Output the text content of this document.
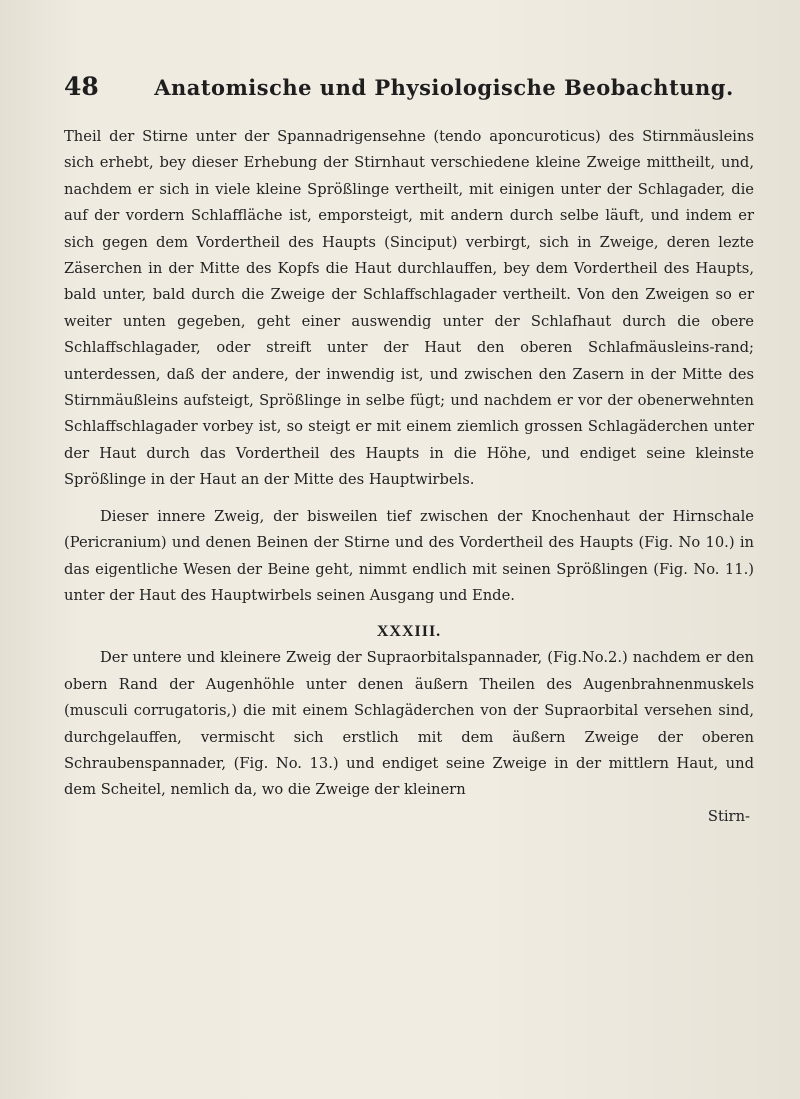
48	Anatomische und Physiologische Beobachtung.

Theil der Stirne unter der Spannadrigensehne (tendo aponcuroticus) des Stirnmäusleins sich erhebt, bey dieser Erhebung der Stirnhaut verschiedene kleine Zweige mittheilt, und, nachdem er sich in viele kleine Sprößlinge vertheilt, mit einigen unter der Schlagader, die auf der vordern Schlaffläche ist, emporsteigt, mit andern durch selbe läuft, und indem er sich gegen dem Vordertheil des Haupts (Sinciput) verbirgt, sich in Zweige, deren lezte Zäserchen in der Mitte des Kopfs die Haut durchlauffen, bey dem Vordertheil des Haupts, bald unter, bald durch die Zweige der Schlaffschlagader vertheilt. Von den Zweigen so er weiter unten gegeben, geht einer auswendig unter der Schlafhaut durch die obere Schlaffschlagader, oder streift unter der Haut den oberen Schlafmäusleins-rand; unterdessen, daß der andere, der inwendig ist, und zwischen den Zasern in der Mitte des Stirnmäußleins aufsteigt, Sprößlinge in selbe fügt; und nachdem er vor der obenerwehnten Schlaffschlagader vorbey ist, so steigt er mit einem ziemlich grossen Schlagäderchen unter der Haut durch das Vordertheil des Haupts in die Höhe, und endiget seine kleinste Sprößlinge in der Haut an der Mitte des Hauptwirbels.

Dieser innere Zweig, der bisweilen tief zwischen der Knochenhaut der Hirnschale (Pericranium) und denen Beinen der Stirne und des Vordertheil des Haupts (Fig. No 10.) in das eigentliche Wesen der Beine geht, nimmt endlich mit seinen Sprößlingen (Fig. No. 11.) unter der Haut des Hauptwirbels seinen Ausgang und Ende.

XXXIII.

Der untere und kleinere Zweig der Supraorbitalspannader, (Fig.No.2.) nachdem er den obern Rand der Augenhöhle unter denen äußern Theilen des Augenbrahnenmuskels (musculi corrugatoris,) die mit einem Schlagäderchen von der Supraorbital versehen sind, durchgelauffen, vermischt sich erstlich mit dem äußern Zweige der oberen Schraubenspannader, (Fig. No. 13.) und endiget seine Zweige in der mittlern Haut, und dem Scheitel, nemlich da, wo die Zweige der kleinern

Stirn-
